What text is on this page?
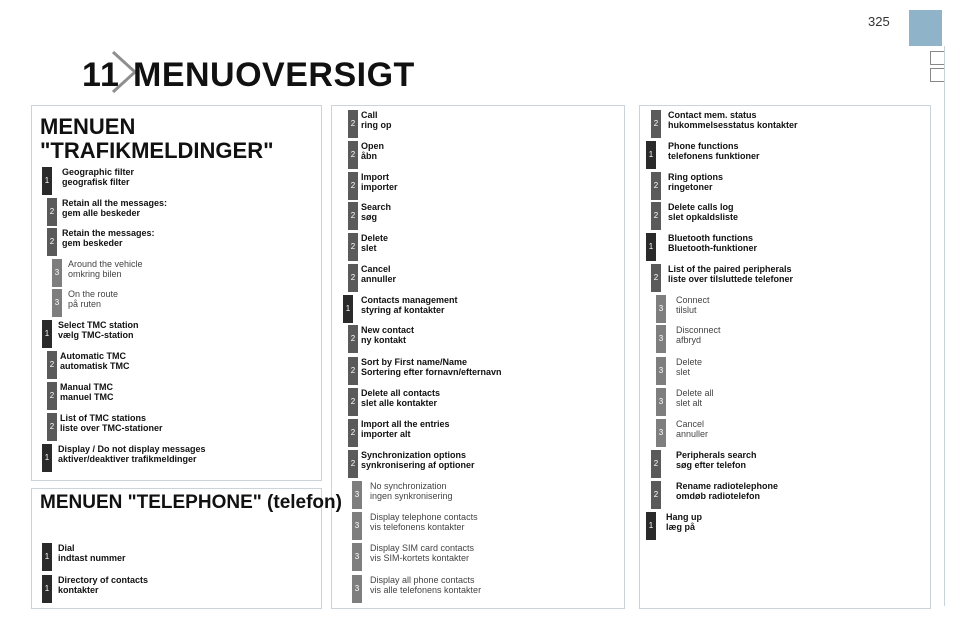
325
11 MENUOVERSIGT
MENUEN
"TRAFIKMELDINGER"
MENUEN "TELEPHONE" (telefon)
1
Geographic filter
geografisk filter
2
Retain all the messages:
gem alle beskeder
2
Retain the messages:
gem beskeder
3
Around the vehicle
omkring bilen
3
On the route
på ruten
1
Select TMC station
vælg TMC-station
2
Automatic TMC
automatisk TMC
2
Manual TMC
manuel TMC
2
List of TMC stations
liste over TMC-stationer
1
Display / Do not display messages
aktiver/deaktiver trafikmeldinger
1
Dial
indtast nummer
1
Directory of contacts
kontakter
2
Call
ring op
2
Open
åbn
2
Import
importer
2
Search
søg
2
Delete
slet
2
Cancel
annuller
1
Contacts management
styring af kontakter
2
New contact
ny kontakt
2
Sort by First name/Name
Sortering efter fornavn/efternavn
2
Delete all contacts
slet alle kontakter
2
Import all the entries
importer alt
2
Synchronization options
synkronisering af optioner
3
No synchronization
ingen synkronisering
3
Display telephone contacts
vis telefonens kontakter
3
Display SIM card contacts
vis SIM-kortets kontakter
3
Display all phone contacts
vis alle telefonens kontakter
2
Contact mem. status
hukommelsesstatus kontakter
1
Phone functions
telefonens funktioner
2
Ring options
ringetoner
2
Delete calls log
slet opkaldsliste
1
Bluetooth functions
Bluetooth-funktioner
2
List of the paired peripherals
liste over tilsluttede telefoner
3
Connect
tilslut
3
Disconnect
afbryd
3
Delete
slet
3
Delete all
slet alt
3
Cancel
annuller
2
Peripherals search
søg efter telefon
2
Rename radiotelephone
omdøb radiotelefon
1
Hang up
læg på
